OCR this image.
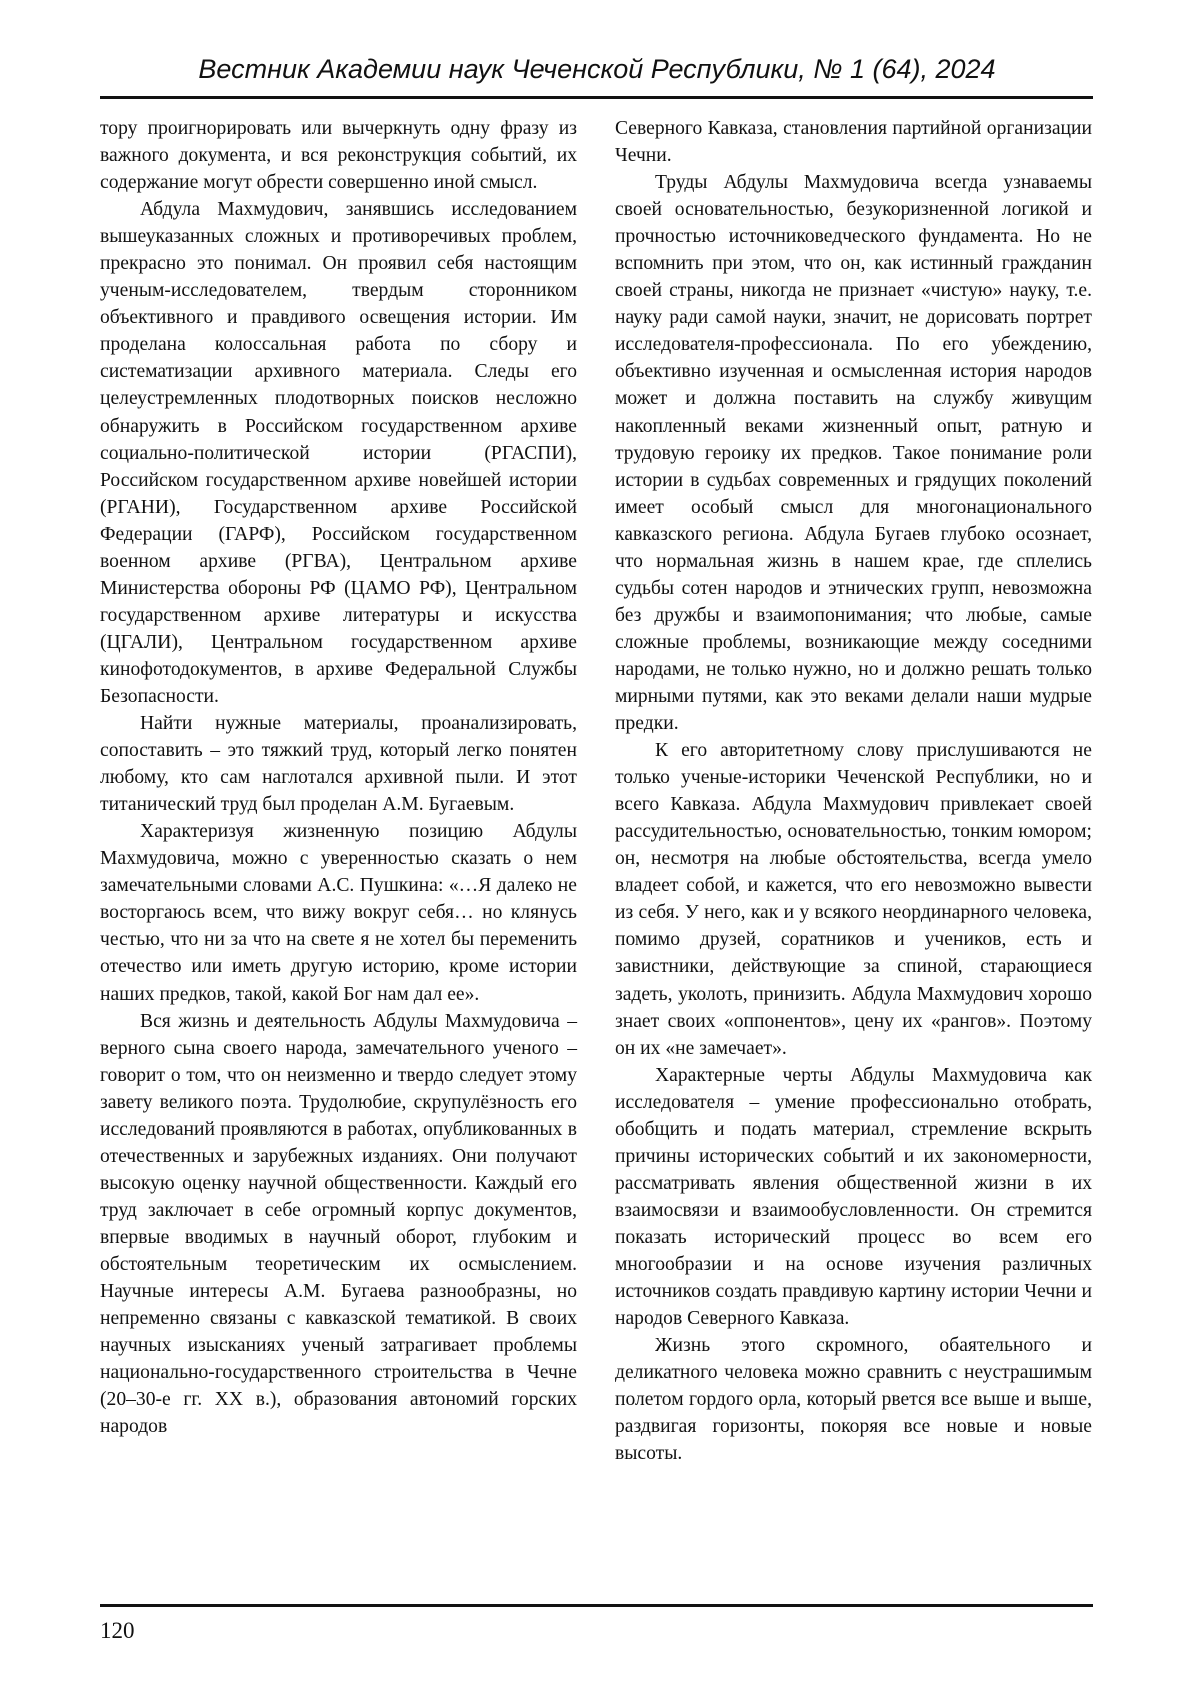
Вестник Академии наук Чеченской Республики, № 1 (64), 2024

тору проигнорировать или вычеркнуть одну фразу из важного документа, и вся реконструкция событий, их содержание могут обрести совершенно иной смысл.

Абдула Махмудович, занявшись исследованием вышеуказанных сложных и противоречивых проблем, прекрасно это понимал. Он проявил себя настоящим ученым-исследователем, твердым сторонником объективного и правдивого освещения истории. Им проделана колоссальная работа по сбору и систематизации архивного материала. Следы его целеустремленных плодотворных поисков несложно обнаружить в Российском государственном архиве социально-политической истории (РГАСПИ), Российском государственном архиве новейшей истории (РГАНИ), Государственном архиве Российской Федерации (ГАРФ), Российском государственном военном архиве (РГВА), Центральном архиве Министерства обороны РФ (ЦАМО РФ), Центральном государственном архиве литературы и искусства (ЦГАЛИ), Центральном государственном архиве кинофотодокументов, в архиве Федеральной Службы Безопасности.

Найти нужные материалы, проанализировать, сопоставить – это тяжкий труд, который легко понятен любому, кто сам наглотался архивной пыли. И этот титанический труд был проделан А.М. Бугаевым.

Характеризуя жизненную позицию Абдулы Махмудовича, можно с уверенностью сказать о нем замечательными словами А.С. Пушкина: «…Я далеко не восторгаюсь всем, что вижу вокруг себя… но клянусь честью, что ни за что на свете я не хотел бы переменить отечество или иметь другую историю, кроме истории наших предков, такой, какой Бог нам дал ее».

Вся жизнь и деятельность Абдулы Махмудовича – верного сына своего народа, замечательного ученого – говорит о том, что он неизменно и твердо следует этому завету великого поэта. Трудолюбие, скрупулёзность его исследований проявляются в работах, опубликованных в отечественных и зарубежных изданиях. Они получают высокую оценку научной общественности. Каждый его труд заключает в себе огромный корпус документов, впервые вводимых в научный оборот, глубоким и обстоятельным теоретическим их осмыслением. Научные интересы А.М. Бугаева разнообразны, но непременно связаны с кавказской тематикой. В своих научных изысканиях ученый затрагивает проблемы национально-государственного строительства в Чечне (20–30-е гг. XX в.), образования автономий горских народов

Северного Кавказа, становления партийной организации Чечни.

Труды Абдулы Махмудовича всегда узнаваемы своей основательностью, безукоризненной логикой и прочностью источниковедческого фундамента. Но не вспомнить при этом, что он, как истинный гражданин своей страны, никогда не признает «чистую» науку, т.е. науку ради самой науки, значит, не дорисовать портрет исследователя-профессионала. По его убеждению, объективно изученная и осмысленная история народов может и должна поставить на службу живущим накопленный веками жизненный опыт, ратную и трудовую героику их предков. Такое понимание роли истории в судьбах современных и грядущих поколений имеет особый смысл для многонационального кавказского региона. Абдула Бугаев глубоко осознает, что нормальная жизнь в нашем крае, где сплелись судьбы сотен народов и этнических групп, невозможна без дружбы и взаимопонимания; что любые, самые сложные проблемы, возникающие между соседними народами, не только нужно, но и должно решать только мирными путями, как это веками делали наши мудрые предки.

К его авторитетному слову прислушиваются не только ученые-историки Чеченской Республики, но и всего Кавказа. Абдула Махмудович привлекает своей рассудительностью, основательностью, тонким юмором; он, несмотря на любые обстоятельства, всегда умело владеет собой, и кажется, что его невозможно вывести из себя. У него, как и у всякого неординарного человека, помимо друзей, соратников и учеников, есть и завистники, действующие за спиной, старающиеся задеть, уколоть, принизить. Абдула Махмудович хорошо знает своих «оппонентов», цену их «рангов». Поэтому он их «не замечает».

Характерные черты Абдулы Махмудовича как исследователя – умение профессионально отобрать, обобщить и подать материал, стремление вскрыть причины исторических событий и их закономерности, рассматривать явления общественной жизни в их взаимосвязи и взаимообусловленности. Он стремится показать исторический процесс во всем его многообразии и на основе изучения различных источников создать правдивую картину истории Чечни и народов Северного Кавказа.

Жизнь этого скромного, обаятельного и деликатного человека можно сравнить с неустрашимым полетом гордого орла, который рвется все выше и выше, раздвигая горизонты, покоряя все новые и новые высоты.

120
